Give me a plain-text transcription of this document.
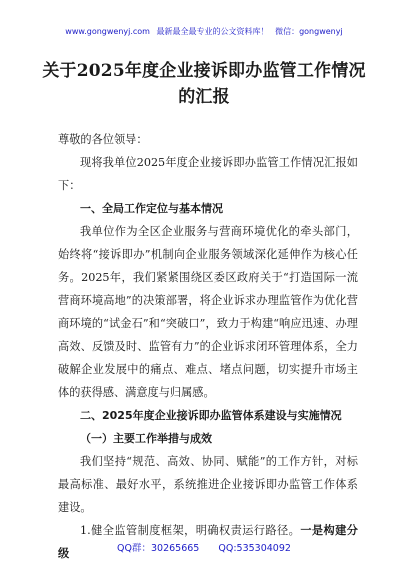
www.gongwenyj.com 最新最全最专业的公文资料库！ 微信：gongwenyj
关于2025年度企业接诉即办监管工作情况的汇报

尊敬的各位领导：

现将我单位2025年度企业接诉即办监管工作情况汇报如下：

一、全局工作定位与基本情况

我单位作为全区企业服务与营商环境优化的牵头部门，始终将“接诉即办”机制向企业服务领域深化延伸作为核心任务。2025年，我们紧紧围绕区委区政府关于“打造国际一流营商环境高地”的决策部署，将企业诉求办理监管作为优化营商环境的“试金石”和“突破口”，致力于构建“响应迅速、办理高效、反馈及时、监管有力”的企业诉求闭环管理体系，全力破解企业发展中的痛点、难点、堵点问题，切实提升市场主体的获得感、满意度与归属感。

二、2025年度企业接诉即办监管体系建设与实施情况

（一）主要工作举措与成效

我们坚持“规范、高效、协同、赋能”的工作方针，对标最高标准、最好水平，系统推进企业接诉即办监管工作体系建设。

1.健全监管制度框架，明确权责运行路径。一是构建分级	QQ群：30265665 QQ:535304092
